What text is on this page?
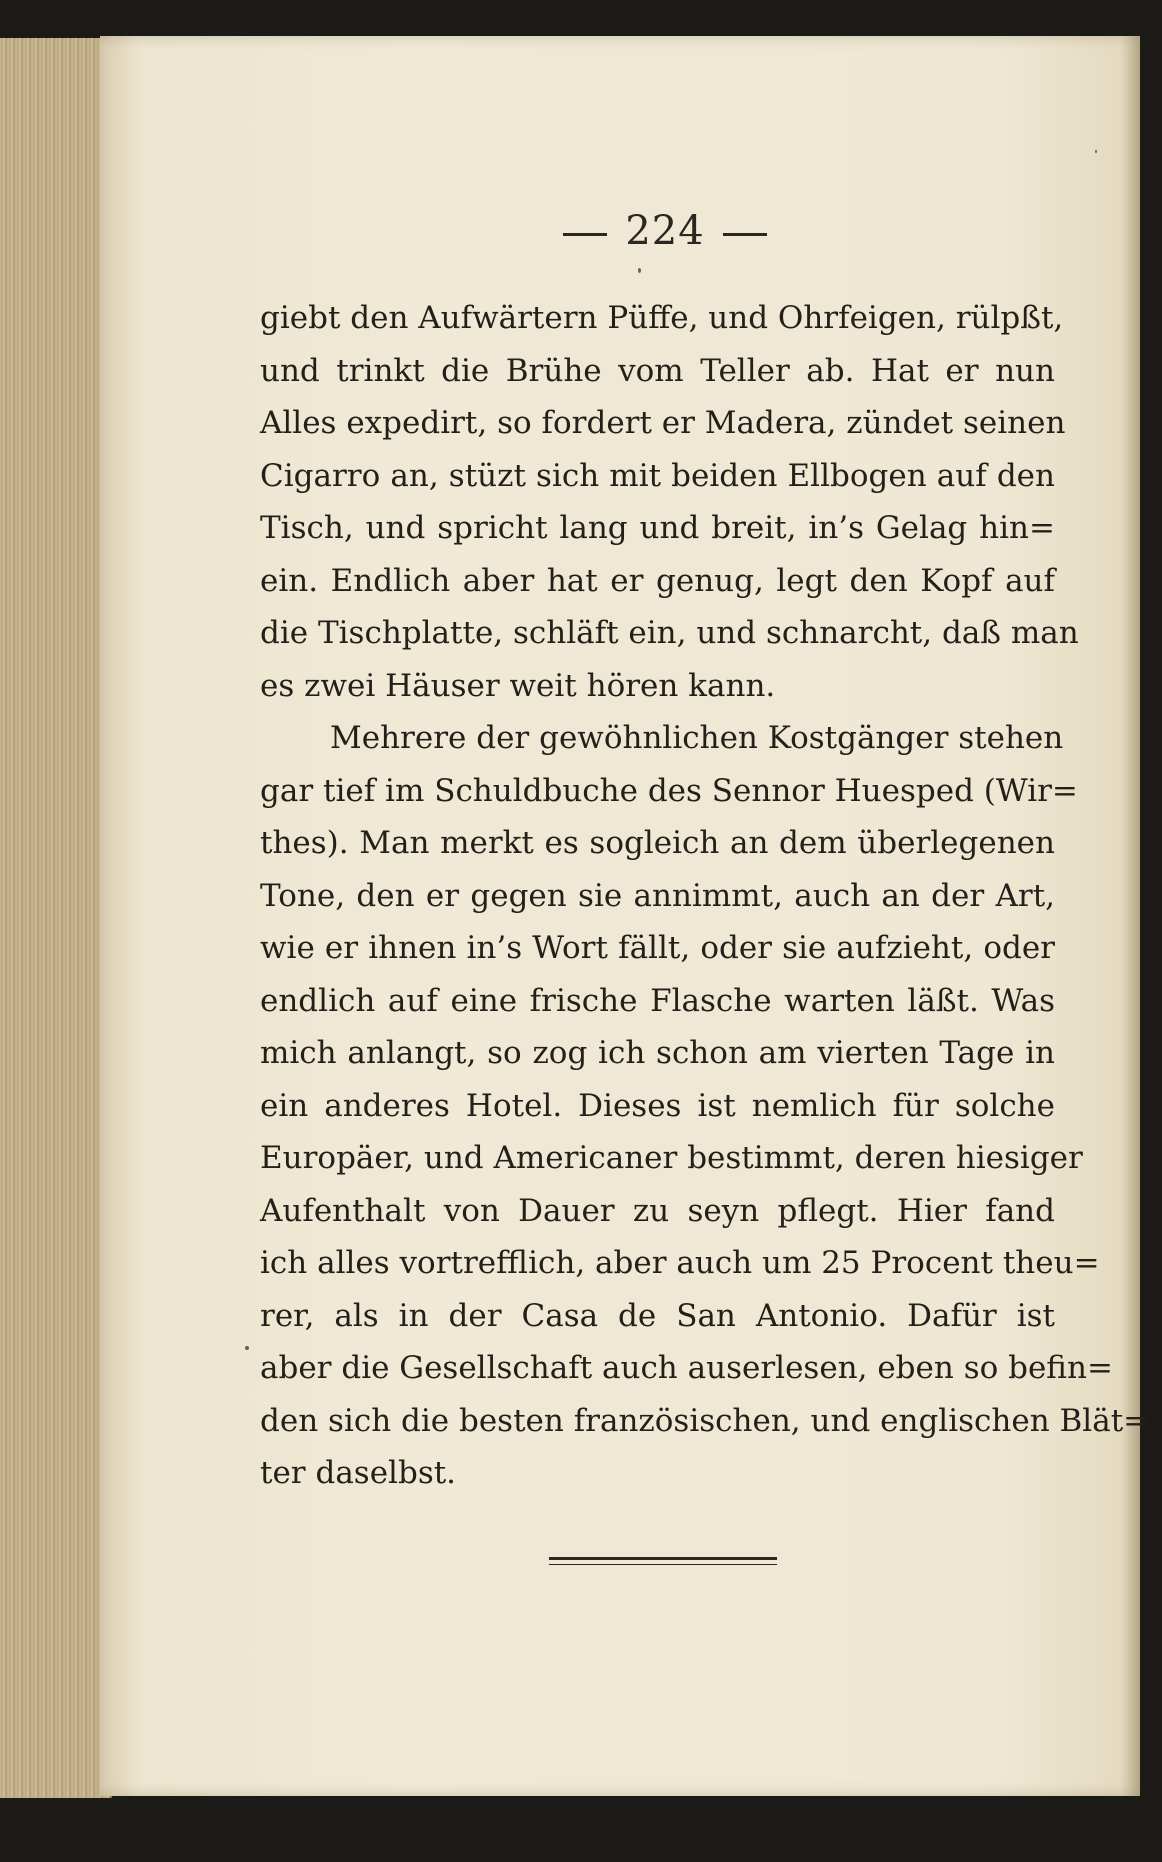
224
giebt den Aufwärtern Püffe, und Ohrfeigen, rülpßt,
und trinkt die Brühe vom Teller ab. Hat er nun
Alles expedirt, so fordert er Madera, zündet seinen
Cigarro an, stüzt sich mit beiden Ellbogen auf den
Tisch, und spricht lang und breit, in’s Gelag hin=
ein. Endlich aber hat er genug, legt den Kopf auf
die Tischplatte, schläft ein, und schnarcht, daß man
es zwei Häuser weit hören kann.
Mehrere der gewöhnlichen Kostgänger stehen
gar tief im Schuldbuche des Sennor Huesped (Wir=
thes). Man merkt es sogleich an dem überlegenen
Tone, den er gegen sie annimmt, auch an der Art,
wie er ihnen in’s Wort fällt, oder sie aufzieht, oder
endlich auf eine frische Flasche warten läßt. Was
mich anlangt, so zog ich schon am vierten Tage in
ein anderes Hotel. Dieses ist nemlich für solche
Europäer, und Americaner bestimmt, deren hiesiger
Aufenthalt von Dauer zu seyn pflegt. Hier fand
ich alles vortrefflich, aber auch um 25 Procent theu=
rer, als in der Casa de San Antonio. Dafür ist
aber die Gesellschaft auch auserlesen, eben so befin=
den sich die besten französischen, und englischen Blät=
ter daselbst.
